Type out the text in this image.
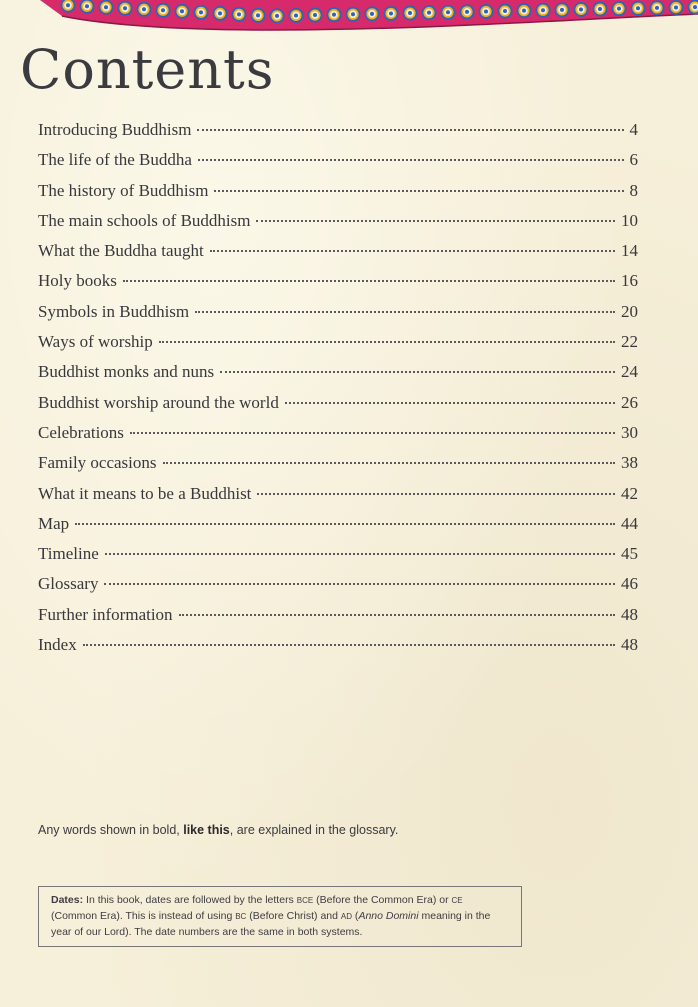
Contents
Introducing Buddhism	4
The life of the Buddha	6
The history of Buddhism	8
The main schools of Buddhism	10
What the Buddha taught	14
Holy books	16
Symbols in Buddhism	20
Ways of worship	22
Buddhist monks and nuns	24
Buddhist worship around the world	26
Celebrations	30
Family occasions	38
What it means to be a Buddhist	42
Map	44
Timeline	45
Glossary	46
Further information	48
Index	48

Any words shown in bold, like this, are explained in the glossary.

Dates: In this book, dates are followed by the letters BCE (Before the Common Era) or CE (Common Era). This is instead of using BC (Before Christ) and AD (Anno Domini meaning in the year of our Lord). The date numbers are the same in both systems.
